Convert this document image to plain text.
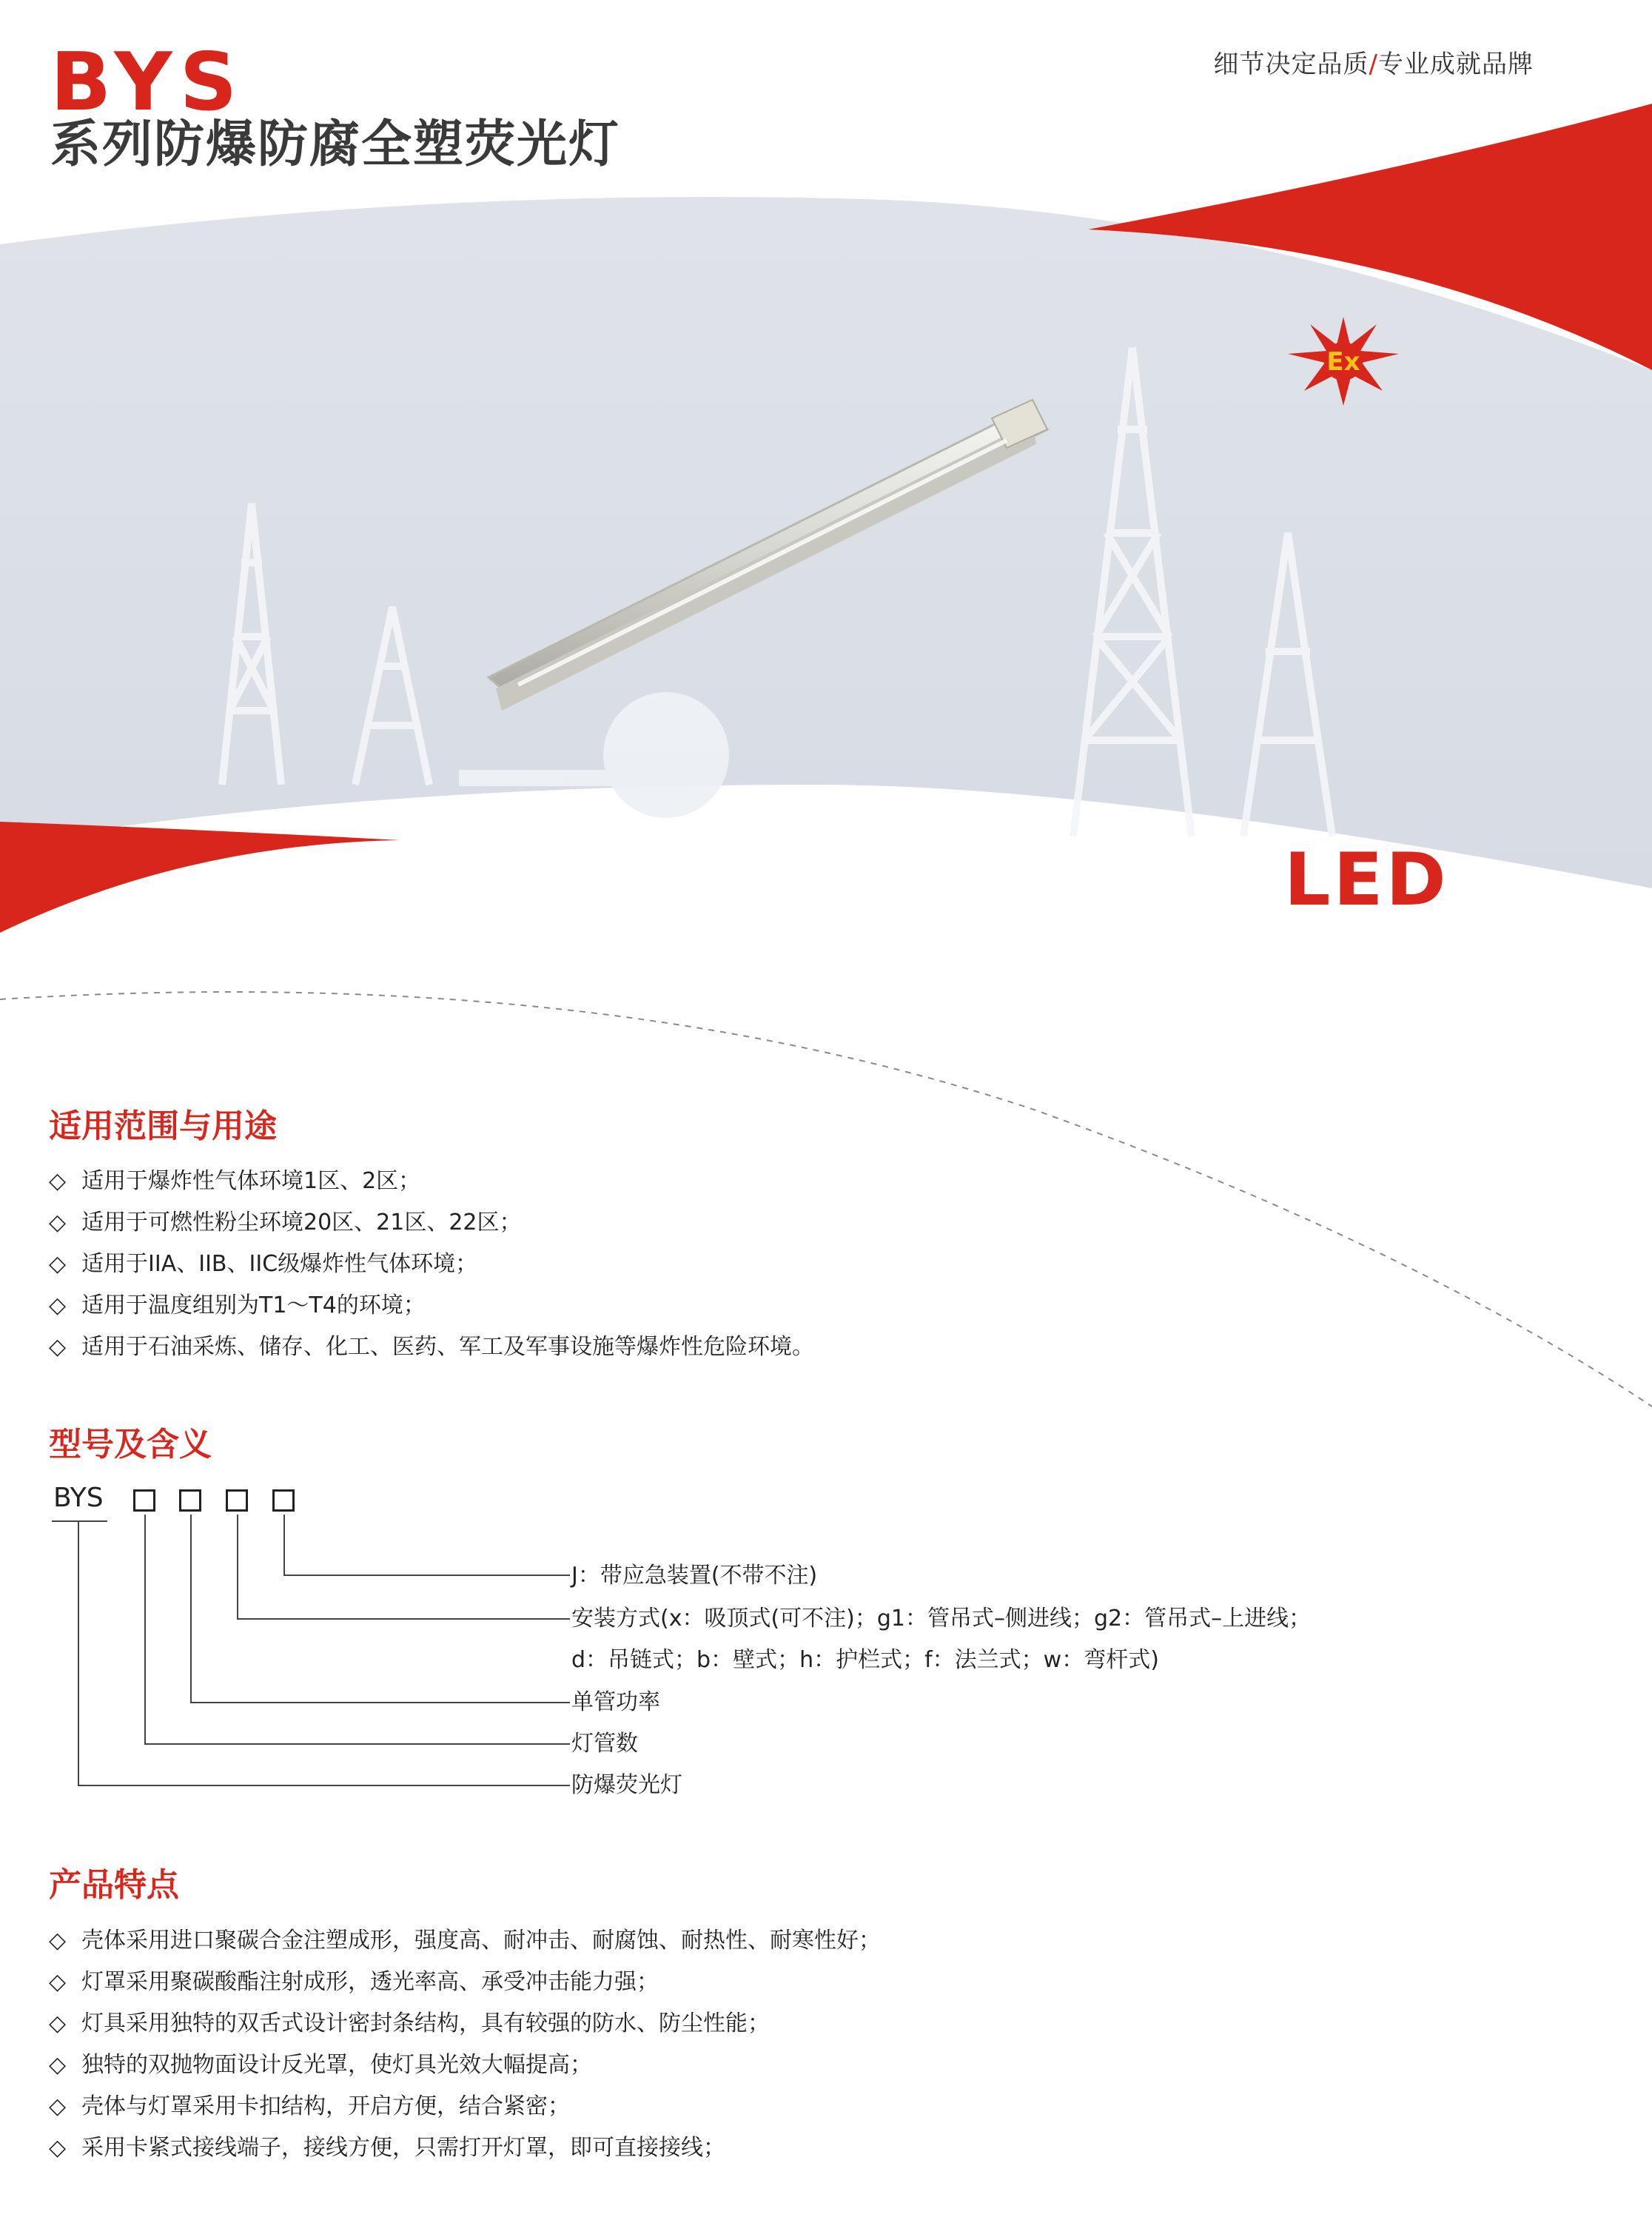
BYS
系列防爆防腐全塑荧光灯
细节决定品质/专业成就品牌
Ex
LED
适用范围与用途
◇ 适用于爆炸性气体环境1区、2区；
◇ 适用于可燃性粉尘环境20区、21区、22区；
◇ 适用于IIA、IIB、IIC级爆炸性气体环境；
◇ 适用于温度组别为T1～T4的环境；
◇ 适用于石油采炼、储存、化工、医药、军工及军事设施等爆炸性危险环境。
型号及含义
BYS
J：带应急装置(不带不注)
安装方式(x：吸顶式(可不注)；g1：管吊式–侧进线；g2：管吊式–上进线；
d：吊链式；b：壁式；h：护栏式；f：法兰式；w：弯杆式)
单管功率
灯管数
防爆荧光灯
产品特点
◇ 壳体采用进口聚碳合金注塑成形，强度高、耐冲击、耐腐蚀、耐热性、耐寒性好；
◇ 灯罩采用聚碳酸酯注射成形，透光率高、承受冲击能力强；
◇ 灯具采用独特的双舌式设计密封条结构，具有较强的防水、防尘性能；
◇ 独特的双抛物面设计反光罩，使灯具光效大幅提高；
◇ 壳体与灯罩采用卡扣结构，开启方便，结合紧密；
◇ 采用卡紧式接线端子，接线方便，只需打开灯罩，即可直接接线；
